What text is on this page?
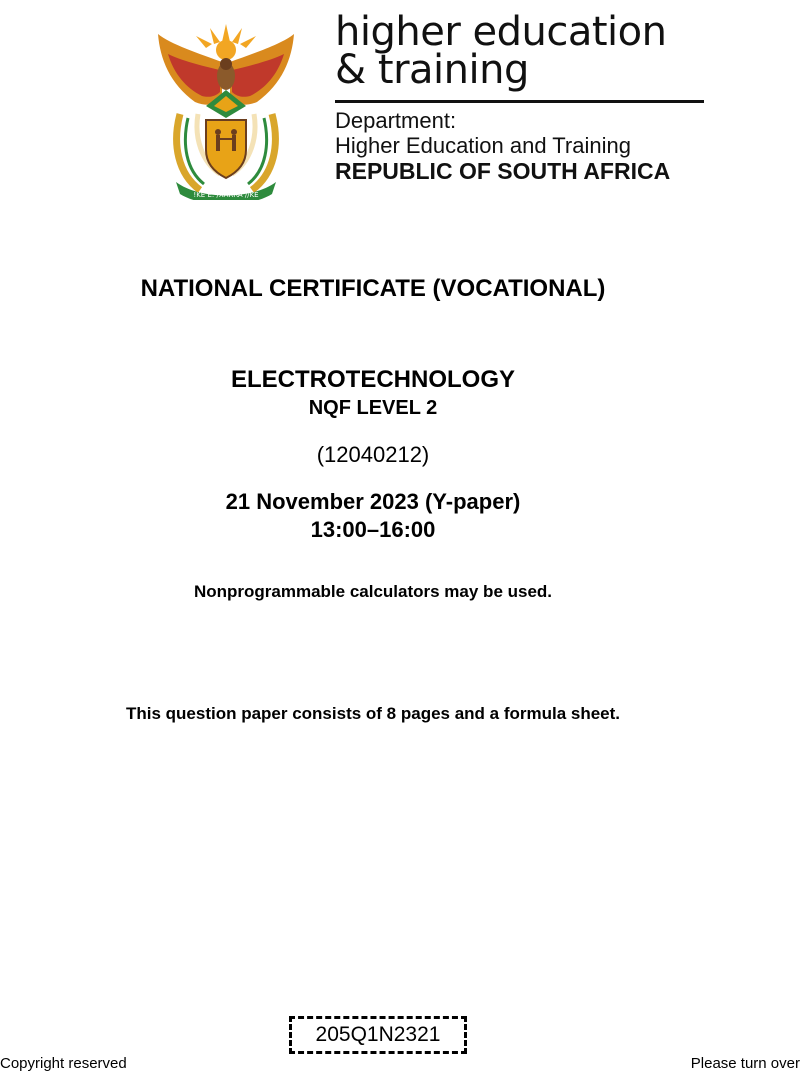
!KE E: /XARRA //KE
higher education
& training
Department:
Higher Education and Training
REPUBLIC OF SOUTH AFRICA
NATIONAL CERTIFICATE (VOCATIONAL)
ELECTROTECHNOLOGY
NQF LEVEL 2
(12040212)
21 November 2023 (Y-paper)
13:00–16:00
Nonprogrammable calculators may be used.
This question paper consists of 8 pages and a formula sheet.
205Q1N2321
Copyright reserved	Please turn over
